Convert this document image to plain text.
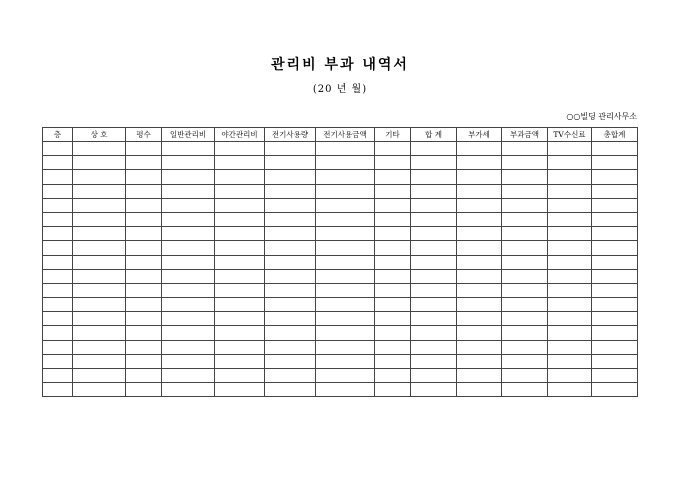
관리비 부과 내역서
(20 년 월)
○○빌딩 관리사무소
층	상 호	평수	일반관리비	야간관리비	전기사용량	전기사용금액	기타	합 계	부가세	부과금액	TV수신료	총합계
